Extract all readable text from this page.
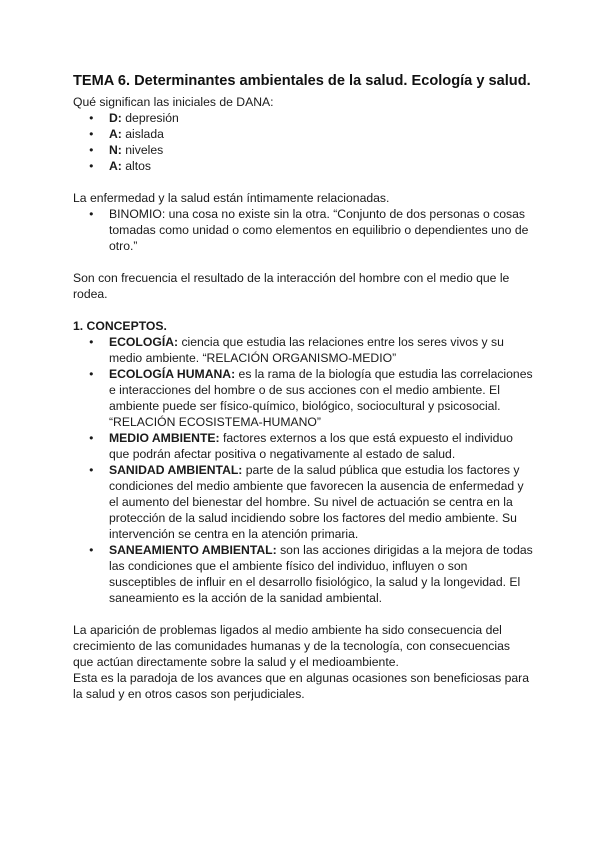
TEMA 6. Determinantes ambientales de la salud. Ecología y salud.

Qué significan las iniciales de DANA:

● D: depresión
● A: aislada
● N: niveles
● A: altos

La enfermedad y la salud están íntimamente relacionadas.

● BINOMIO: una cosa no existe sin la otra. “Conjunto de dos personas o cosas tomadas como unidad o como elementos en equilibrio o dependientes uno de otro.”

Son con frecuencia el resultado de la interacción del hombre con el medio que le rodea.

1. CONCEPTOS.

● ECOLOGÍA: ciencia que estudia las relaciones entre los seres vivos y su medio ambiente. “RELACIÓN ORGANISMO-MEDIO”
● ECOLOGÍA HUMANA: es la rama de la biología que estudia las correlaciones e interacciones del hombre o de sus acciones con el medio ambiente. El ambiente puede ser físico-químico, biológico, sociocultural y psicosocial. “RELACIÓN ECOSISTEMA-HUMANO”
● MEDIO AMBIENTE: factores externos a los que está expuesto el individuo que podrán afectar positiva o negativamente al estado de salud.
● SANIDAD AMBIENTAL: parte de la salud pública que estudia los factores y condiciones del medio ambiente que favorecen la ausencia de enfermedad y el aumento del bienestar del hombre. Su nivel de actuación se centra en la protección de la salud incidiendo sobre los factores del medio ambiente. Su intervención se centra en la atención primaria.
● SANEAMIENTO AMBIENTAL: son las acciones dirigidas a la mejora de todas las condiciones que el ambiente físico del individuo, influyen o son susceptibles de influir en el desarrollo fisiológico, la salud y la longevidad. El saneamiento es la acción de la sanidad ambiental.

La aparición de problemas ligados al medio ambiente ha sido consecuencia del crecimiento de las comunidades humanas y de la tecnología, con consecuencias que actúan directamente sobre la salud y el medioambiente.

Esta es la paradoja de los avances que en algunas ocasiones son beneficiosas para la salud y en otros casos son perjudiciales.
